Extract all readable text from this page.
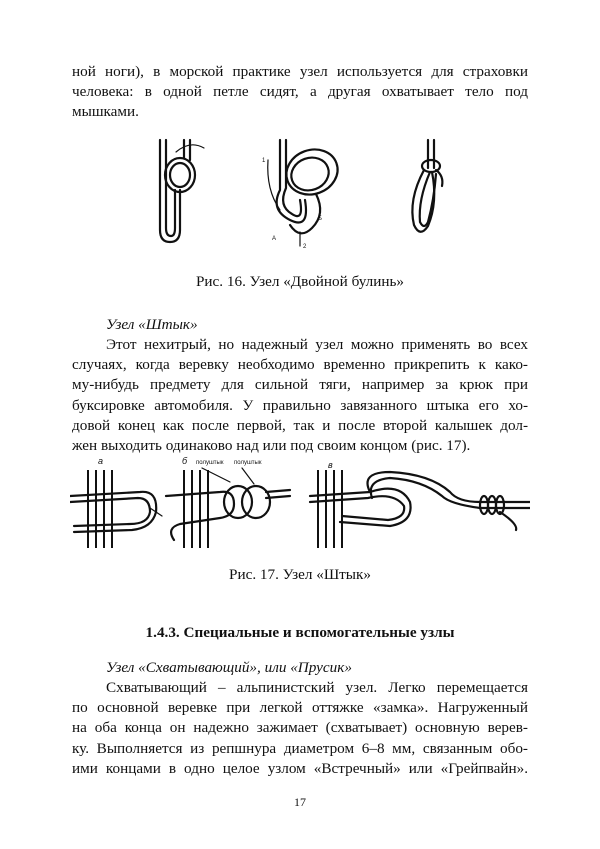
ной ноги), в морской практике узел используется для страховки
человека: в одной петле сидят, а другая охватывает тело под
мышками.
1
А
Б
2
Рис. 16. Узел «Двойной булинь»
Узел «Штык»
Этот нехитрый, но надежный узел можно применять во всех
случаях, когда веревку необходимо временно прикрепить к како-
му-нибудь предмету для сильной тяги, например за крюк при
буксировке автомобиля. У правильно завязанного штыка его хо-
довой конец как после первой, так и после второй калышек дол-
жен выходить одинаково над или под своим концом (рис. 17).
а	б полуштык полуштык	в
Рис. 17. Узел «Штык»
1.4.3. Специальные и вспомогательные узлы
Узел «Схватывающий», или «Прусик»
Схватывающий – альпинистский узел. Легко перемещается
по основной веревке при легкой оттяжке «замка». Нагруженный
на оба конца он надежно зажимает (схватывает) основную верев-
ку. Выполняется из репшнура диаметром 6–8 мм, связанным обо-
ими концами в одно целое узлом «Встречный» или «Грейпвайн».
17
